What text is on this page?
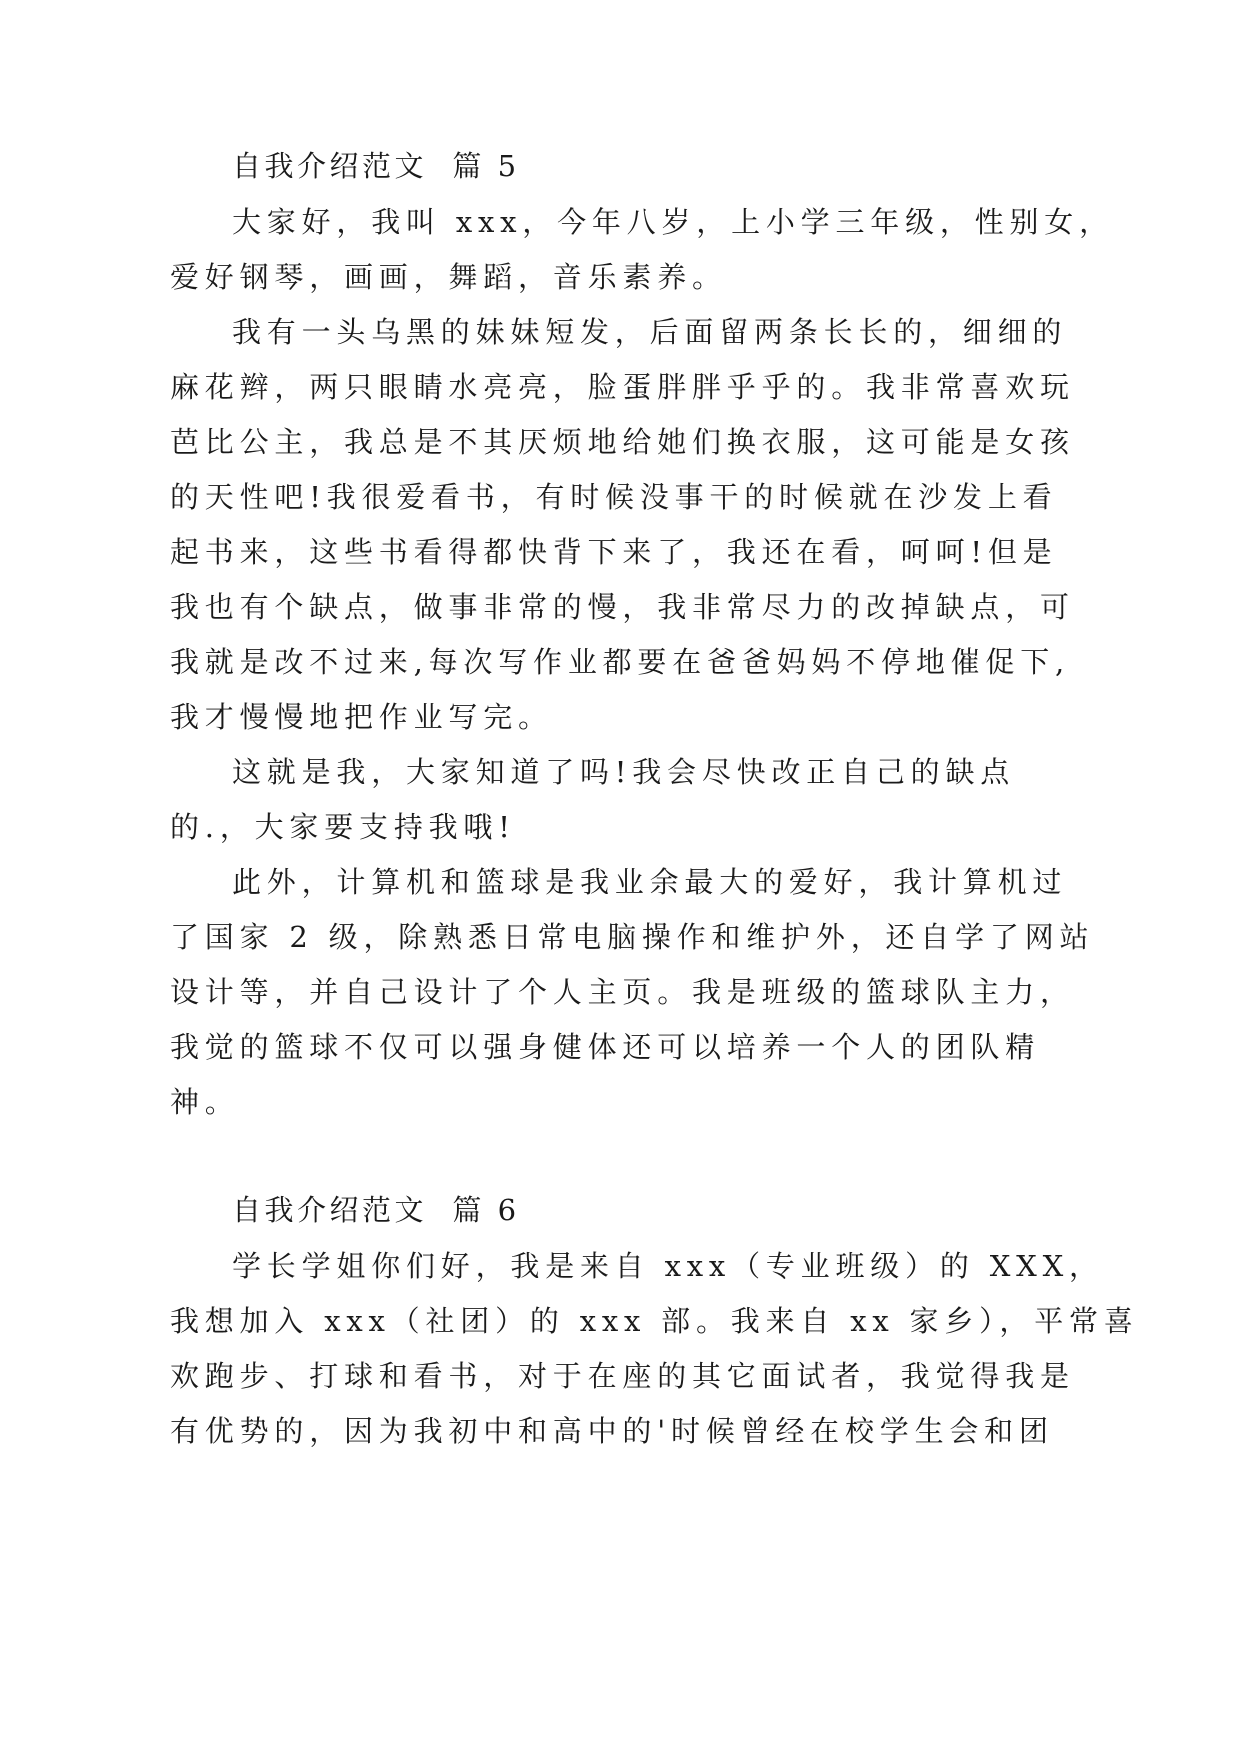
自我介绍范文  篇 5
大家好，我叫 xxx，今年八岁，上小学三年级，性别女，
爱好钢琴，画画，舞蹈，音乐素养。
我有一头乌黑的妹妹短发，后面留两条长长的，细细的
麻花辫，两只眼睛水亮亮，脸蛋胖胖乎乎的。我非常喜欢玩
芭比公主，我总是不其厌烦地给她们换衣服，这可能是女孩
的天性吧!我很爱看书，有时候没事干的时候就在沙发上看
起书来，这些书看得都快背下来了，我还在看，呵呵!但是
我也有个缺点，做事非常的慢，我非常尽力的改掉缺点，可
我就是改不过来,每次写作业都要在爸爸妈妈不停地催促下,
我才慢慢地把作业写完。
这就是我，大家知道了吗!我会尽快改正自己的缺点
的.，大家要支持我哦!
此外，计算机和篮球是我业余最大的爱好，我计算机过
了国家 2 级，除熟悉日常电脑操作和维护外，还自学了网站
设计等，并自己设计了个人主页。我是班级的篮球队主力，
我觉的篮球不仅可以强身健体还可以培养一个人的团队精
神。
自我介绍范文  篇 6
学长学姐你们好，我是来自 xxx（专业班级）的 XXX，
我想加入 xxx（社团）的 xxx 部。我来自 xx 家乡），平常喜
欢跑步、打球和看书，对于在座的其它面试者，我觉得我是
有优势的，因为我初中和高中的'时候曾经在校学生会和团
